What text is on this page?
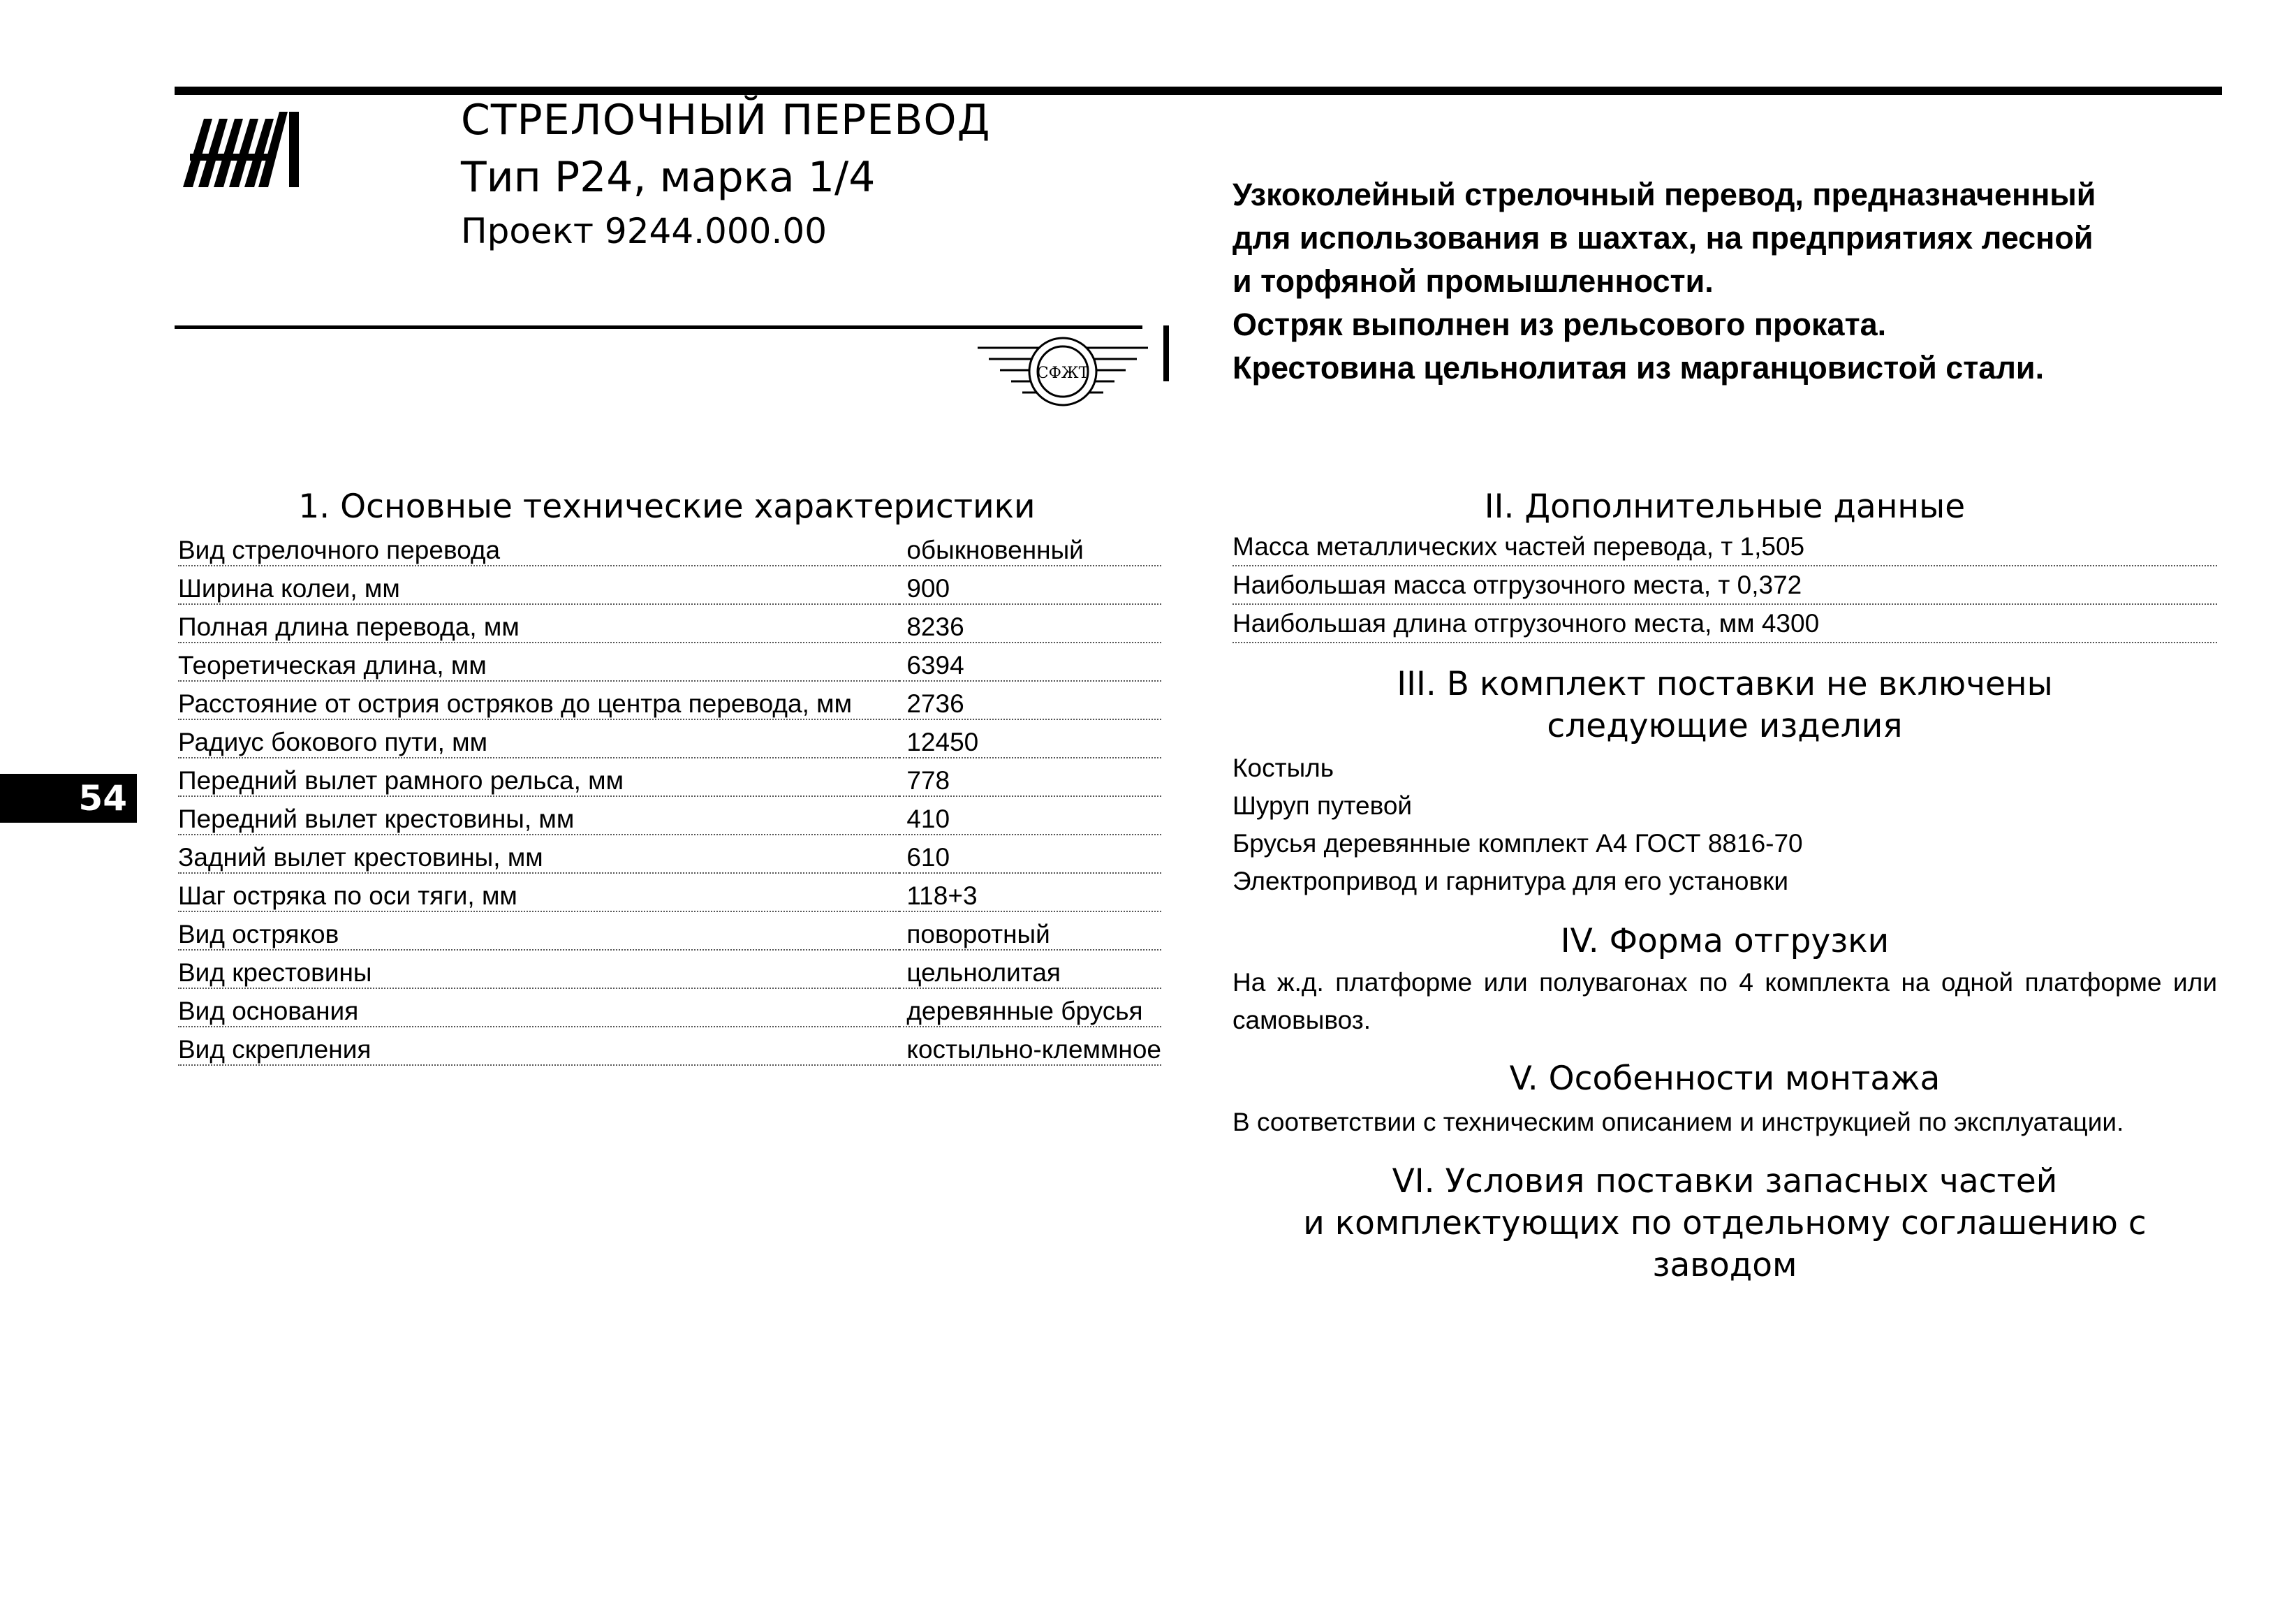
СТРЕЛОЧНЫЙ ПЕРЕВОД
Тип Р24, марка 1/4
Проект 9244.000.00
СФЖТ
Узкоколейный стрелочный перевод, предназначенный
для использования в шахтах, на предприятиях лесной
и торфяной промышленности.
Остряк выполнен из рельсового проката.
Крестовина цельнолитая из марганцовистой стали.
1. Основные технические характеристики
Вид стрелочного перевода	обыкновенный
Ширина колеи, мм	900
Полная длина перевода, мм	8236
Теоретическая длина, мм	6394
Расстояние от острия остряков до центра перевода, мм	2736
Радиус бокового пути, мм	12450
Передний вылет рамного рельса, мм	778
Передний вылет крестовины, мм	410
Задний вылет крестовины, мм	610
Шаг остряка по оси тяги, мм	118+3
Вид остряков	поворотный
Вид крестовины	цельнолитая
Вид основания	деревянные брусья
Вид скрепления	костыльно-клеммное
54
II. Дополнительные данные
Масса металлических частей перевода, т 1,505
Наибольшая масса отгрузочного места, т 0,372
Наибольшая длина отгрузочного места, мм 4300
III. В комплект поставки не включены
следующие изделия
Костыль
Шуруп путевой
Брусья деревянные комплект А4 ГОСТ 8816-70
Электропривод и гарнитура для его установки
IV. Форма отгрузки
На ж.д. платформе или полувагонах по 4 комплекта на одной платформе или самовывоз.
V. Особенности монтажа
В соответствии с техническим описанием и инструкцией по эксплуатации.
VI. Условия поставки запасных частей
и комплектующих по отдельному соглашению с заводом
